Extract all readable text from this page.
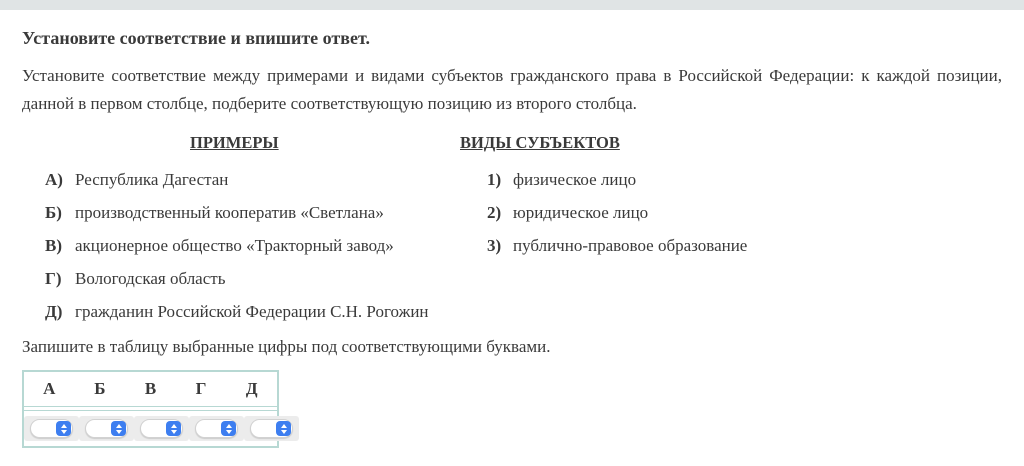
Установите соответствие и впишите ответ.

Установите соответствие между примерами и видами субъектов гражданского права в Российской Федерации: к каждой позиции, данной в первом столбце, подберите соответствующую позицию из второго столбца.

ПРИМЕРЫ	ВИДЫ СУБЪЕКТОВ
А) Республика Дагестан
Б) производственный кооператив «Светлана»
В) акционерное общество «Тракторный завод»
Г) Вологодская область
Д) гражданин Российской Федерации С.Н. Рогожин
1) физическое лицо
2) юридическое лицо
3) публично-правовое образование

Запишите в таблицу выбранные цифры под соответствующими буквами.

А	Б	В	Г	Д
